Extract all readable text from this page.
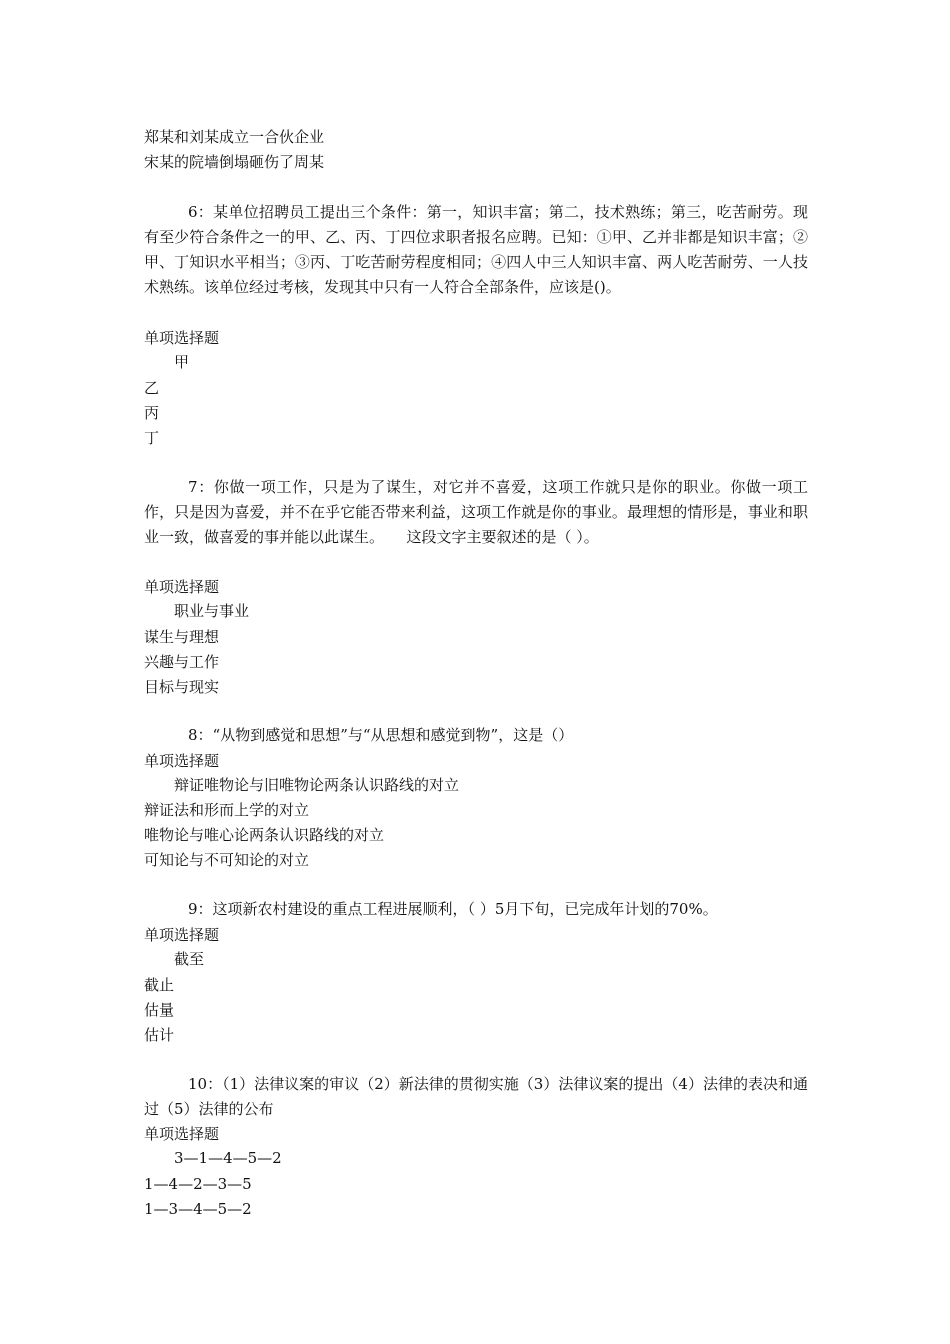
郑某和刘某成立一合伙企业
宋某的院墙倒塌砸伤了周某
6：某单位招聘员工提出三个条件：第一，知识丰富；第二，技术熟练；第三，吃苦耐劳。现有至少符合条件之一的甲、乙、丙、丁四位求职者报名应聘。已知：①甲、乙并非都是知识丰富；②甲、丁知识水平相当；③丙、丁吃苦耐劳程度相同；④四人中三人知识丰富、两人吃苦耐劳、一人技术熟练。该单位经过考核，发现其中只有一人符合全部条件，应该是()。
单项选择题
甲
乙
丙
丁
7：你做一项工作，只是为了谋生，对它并不喜爱，这项工作就只是你的职业。你做一项工作，只是因为喜爱，并不在乎它能否带来利益，这项工作就是你的事业。最理想的情形是，事业和职业一致，做喜爱的事并能以此谋生。　　这段文字主要叙述的是（ ）。
单项选择题
职业与事业
谋生与理想
兴趣与工作
目标与现实
8：“从物到感觉和思想”与“从思想和感觉到物”，这是（）
单项选择题
辩证唯物论与旧唯物论两条认识路线的对立
辩证法和形而上学的对立
唯物论与唯心论两条认识路线的对立
可知论与不可知论的对立
9：这项新农村建设的重点工程进展顺利，（ ）5月下旬，已完成年计划的70%。
单项选择题
截至
截止
估量
估计
10：（1）法律议案的审议（2）新法律的贯彻实施（3）法律议案的提出（4）法律的表决和通过（5）法律的公布
单项选择题
3—1—4—5—2
1—4—2—3—5
1—3—4—5—2
